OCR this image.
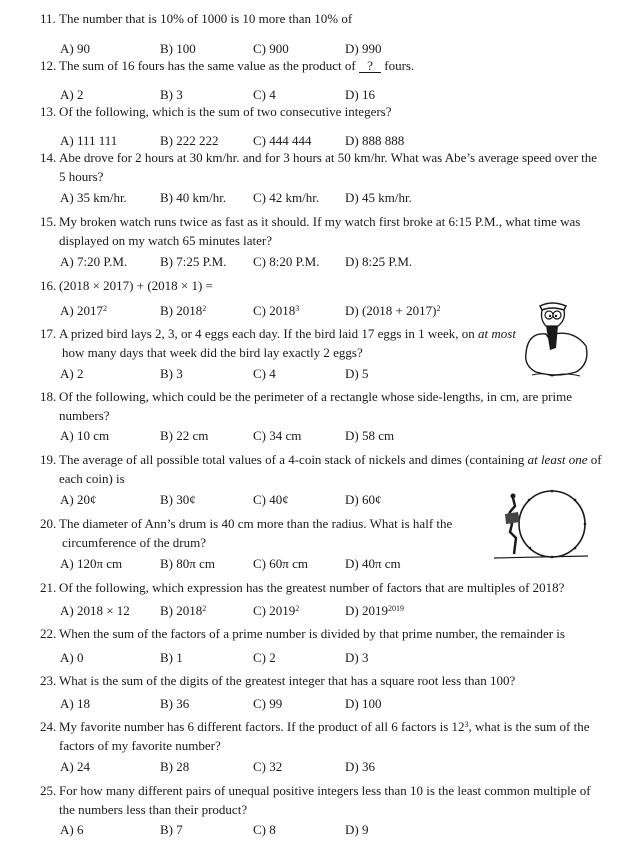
11. The number that is 10% of 1000 is 10 more than 10% of
A) 90	B) 100	C) 900	D) 990
12. The sum of 16 fours has the same value as the product of ? fours.
A) 2	B) 3	C) 4	D) 16
13. Of the following, which is the sum of two consecutive integers?
A) 111 111	B) 222 222	C) 444 444	D) 888 888
14. Abe drove for 2 hours at 30 km/hr. and for 3 hours at 50 km/hr. What was Abe’s average speed over the
5 hours?
A) 35 km/hr.	B) 40 km/hr. C) 42 km/hr. D) 45 km/hr.
15. My broken watch runs twice as fast as it should. If my watch first broke at 6:15 P.M., what time was
displayed on my watch 65 minutes later?
A) 7:20 P.M.	B) 7:25 P.M. C) 8:20 P.M. D) 8:25 P.M.
16. (2018 × 2017) + (2018 × 1) =
A) 2017$^2$	B) 2018$^2$	C) 2018$^3$	D) $(2018 + 2017)^2$
17. A prized bird lays 2, 3, or 4 eggs each day. If the bird laid 17 eggs in 1 week, on at most
how many days that week did the bird lay exactly 2 eggs?
A) 2	B) 3	C) 4	D) 5
18. Of the following, which could be the perimeter of a rectangle whose side-lengths, in cm, are prime
numbers?
A) 10 cm	B) 22 cm	C) 34 cm	D) 58 cm
19. The average of all possible total values of a 4-coin stack of nickels and dimes (containing at least one of
each coin) is
A) 20¢	B) 30¢	C) 40¢	D) 60¢
20. The diameter of Ann’s drum is 40 cm more than the radius. What is half the
circumference of the drum?
A) 120π cm	B) 80π cm	C) 60π cm	D) 40π cm
21. Of the following, which expression has the greatest number of factors that are multiples of 2018?
A) 2018 × 12 B) 2018$^2$	C) 2019$^2$	D) $2019^{2019}$
22. When the sum of the factors of a prime number is divided by that prime number, the remainder is
A) 0	B) 1	C) 2	D) 3
23. What is the sum of the digits of the greatest integer that has a square root less than 100?
A) 18	B) 36	C) 99	D) 100
24. My favorite number has 6 different factors. If the product of all 6 factors is $12^3$, what is the sum of the
factors of my favorite number?
A) 24	B) 28	C) 32	D) 36
25. For how many different pairs of unequal positive integers less than 10 is the least common multiple of
the numbers less than their product?
A) 6	B) 7	C) 8	D) 9
